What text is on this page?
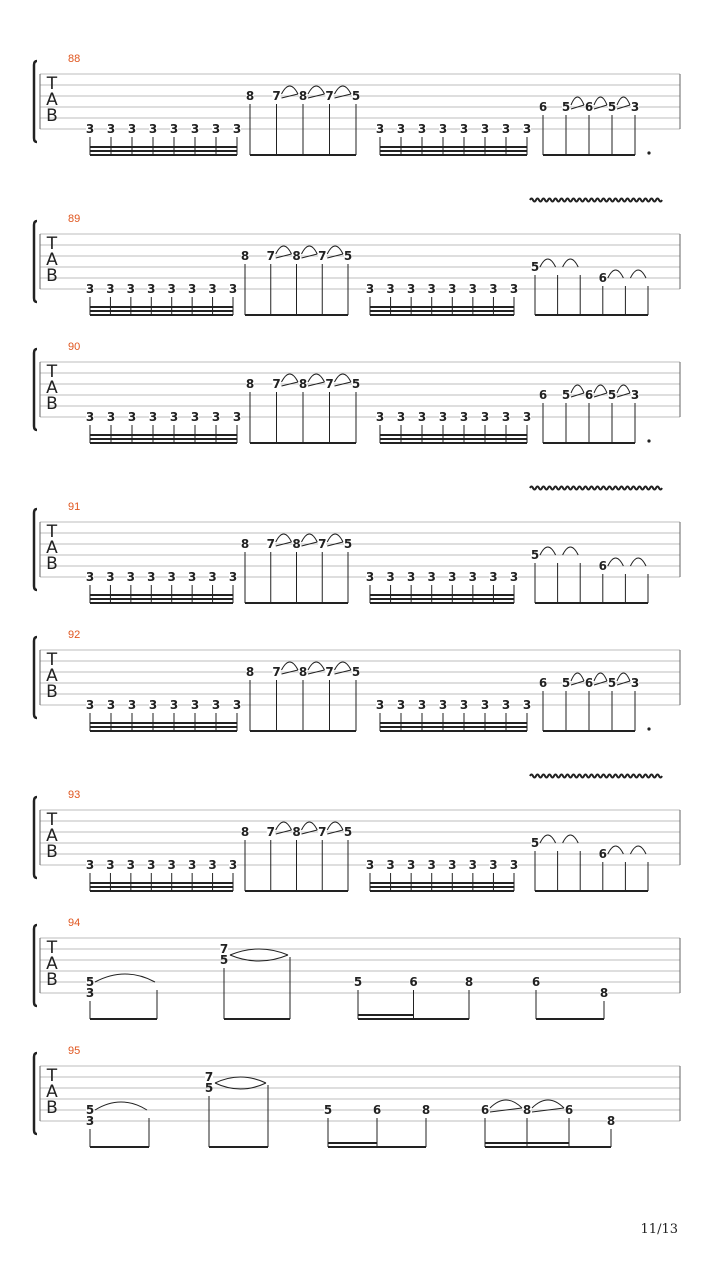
T
A
B
88
3 3 3 3 3 3 3 3
8 7 8 7 5
3 3 3 3 3 3 3 3
6 5 6 5 3
T
A
B
89
3 3 3 3 3 3 3 3
8 7 8 7 5
3 3 3 3 3 3 3 3
5
6
T
A
B
90
3 3 3 3 3 3 3 3
8 7 8 7 5
3 3 3 3 3 3 3 3
6 5 6 5 3
T
A
B
91
3 3 3 3 3 3 3 3
8 7 8 7 5
3 3 3 3 3 3 3 3
5
6
T
A
B
92
3 3 3 3 3 3 3 3
8 7 8 7 5
3 3 3 3 3 3 3 3
6 5 6 5 3
T
A
B
93
3 3 3 3 3 3 3 3
8 7 8 7 5
3 3 3 3 3 3 3 3
5
6
T
A
B
94
5
3
7
5
5	6	8	6
8
T
A
B
95
5
3
7
5
5	6	8	6	8	6
8
11/13
